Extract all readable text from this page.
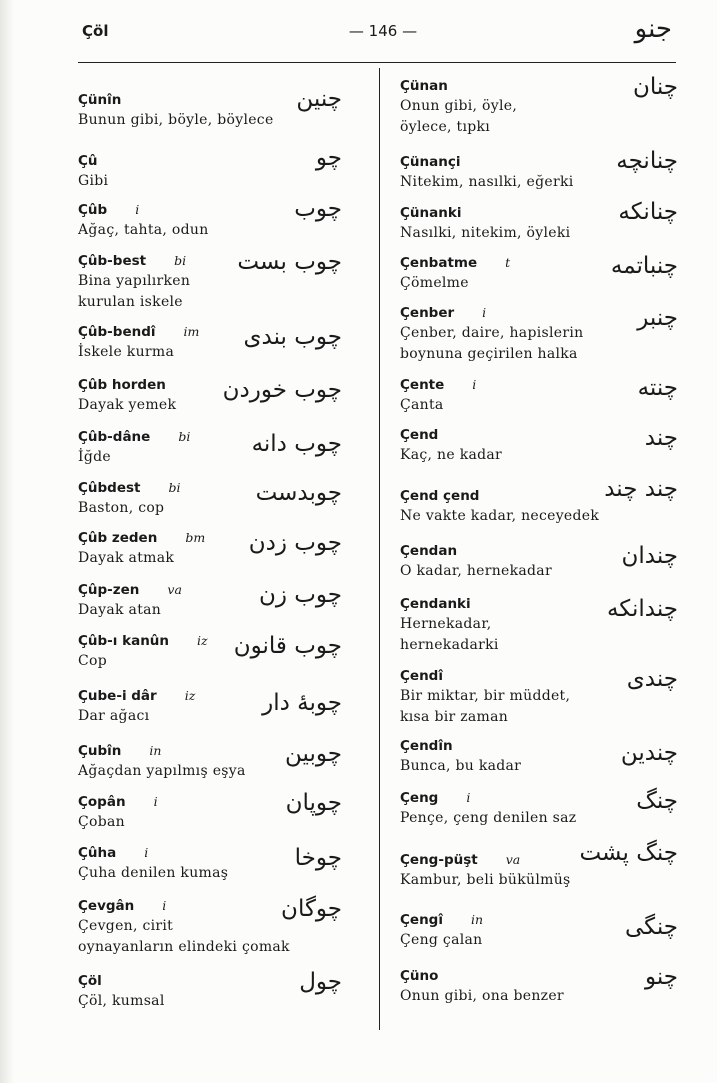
Çöl	— 146 —	جنو
Çünîn
Bunun gibi, böyle, böylece
چنین
Çû
Gibi
چو
Çûb i
Ağaç, tahta, odun
چوب
Çûb-best bi
Bina yapılırken
kurulan iskele
چوب بست
Çûb-bendî im
İskele kurma
چوب بندی
Çûb horden
Dayak yemek
چوب خوردن
Çûb-dâne bi
İğde	چوب دانه
Çûbdest bi
Baston, cop
چوبدست
Çûb zeden bm
Dayak atmak
چوب زدن
Çûp-zen va
Dayak atan
چوب زن
Çûb-ı kanûn iz
Cop
چوب قانون
Çube-i dâr iz
Dar ağacı	چوبهٔ دار
Çubîn in
Ağaçdan yapılmış eşya
چوبین
Çopân i
Çoban
چوپان
Çûha i
Çuha denilen kumaş
چوخا
Çevgân i
Çevgen, cirit
oynayanların elindeki çomak
چوگان
Çöl
Çöl, kumsal
چول
Çünan
Onun gibi, öyle,
öylece, tıpkı
چنان
Çünançi
Nitekim, nasılki, eğerki
چنانچه
Çünanki
Nasılki, nitekim, öyleki
چنانکه
Çenbatme t
Çömelme
چنباتمه
Çenber i
Çenber, daire, hapislerin
boynuna geçirilen halka
چنبر
Çente i
Çanta
چنته
Çend
Kaç, ne kadar
چند
Çend çend
Ne vakte kadar, neceyedek
چند چند
Çendan
O kadar, hernekadar
چندان
Çendanki
Hernekadar,
hernekadarki
چندانکه
Çendî
Bir miktar, bir müddet,
kısa bir zaman
چندی
Çendîn
Bunca, bu kadar	چندین
Çeng i
Pençe, çeng denilen saz
چنگ
Çeng-püşt va
Kambur, beli bükülmüş
چنگ پشت
Çengî in
Çeng çalan	چنگی
Çüno
Onun gibi, ona benzer
چنو
